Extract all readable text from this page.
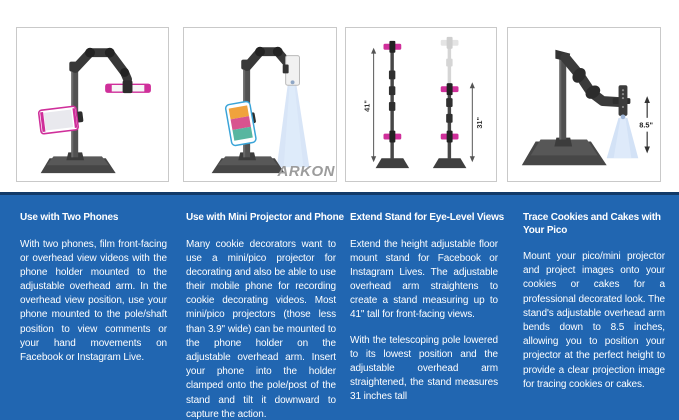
ARKON
41"
31"	8.5"
Use with Two Phones

With two phones, film front-facing or overhead view videos with the phone holder mounted to the adjustable overhead arm. In the overhead view position, use your phone mounted to the pole/shaft position to view comments or your hand movements on Facebook or Instagram Live.

Use with Mini Projector and Phone

Many cookie decorators want to use a mini/pico projector for decorating and also be able to use their mobile phone for recording cookie decorating videos. Most mini/pico projectors (those less than 3.9" wide) can be mounted to the phone holder on the adjustable overhead arm. Insert your phone into the holder clamped onto the pole/post of the stand and tilt it downward to capture the action.

Extend Stand for Eye-Level Views

Extend the height adjustable floor mount stand for Facebook or Instagram Lives. The adjustable overhead arm straightens to create a stand measuring up to 41" tall for front-facing views.

With the telescoping pole lowered to its lowest position and the adjustable overhead arm straightened, the stand measures 31 inches tall

Trace Cookies and Cakes with Your Pico

Mount your pico/mini projector and project images onto your cookies or cakes for a professional decorated look. The stand's adjustable overhead arm bends down to 8.5 inches, allowing you to position your projector at the perfect height to provide a clear projection image for tracing cookies or cakes.
